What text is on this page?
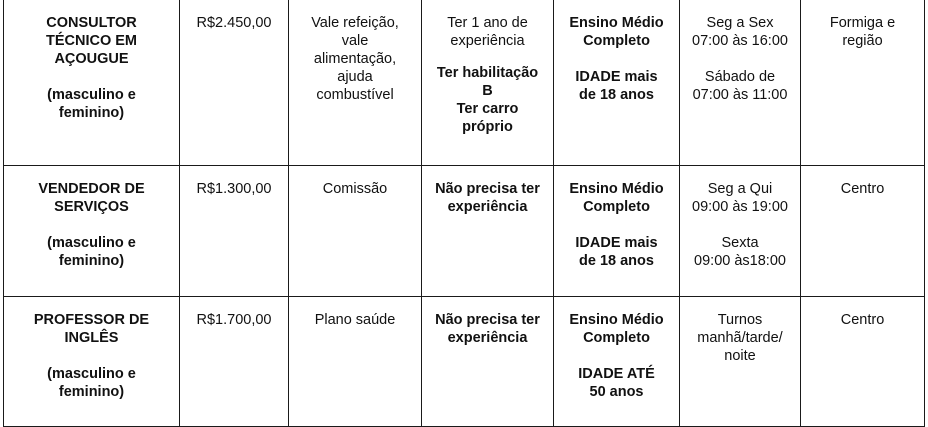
CONSULTOR
TÉCNICO EM
AÇOUGUE
(masculino e
feminino)	R$2.450,00	Vale refeição,
vale
alimentação,
ajuda
combustível	Ter 1 ano de experiência
Ter habilitação
B
Ter carro
próprio	Ensino Médio
Completo
IDADE mais
de 18 anos	Seg a Sex
07:00 às 16:00
Sábado de
07:00 às 11:00	Formiga e
região

VENDEDOR DE
SERVIÇOS
(masculino e
feminino)	R$1.300,00	Comissão	Não precisa ter
experiência	Ensino Médio
Completo
IDADE mais
de 18 anos	Seg a Qui
09:00 às 19:00
Sexta
09:00 às18:00	Centro

PROFESSOR DE
INGLÊS
(masculino e
feminino)	R$1.700,00	Plano saúde	Não precisa ter
experiência	Ensino Médio
Completo
IDADE ATÉ
50 anos	Turnos
manhã/tarde/
noite	Centro
